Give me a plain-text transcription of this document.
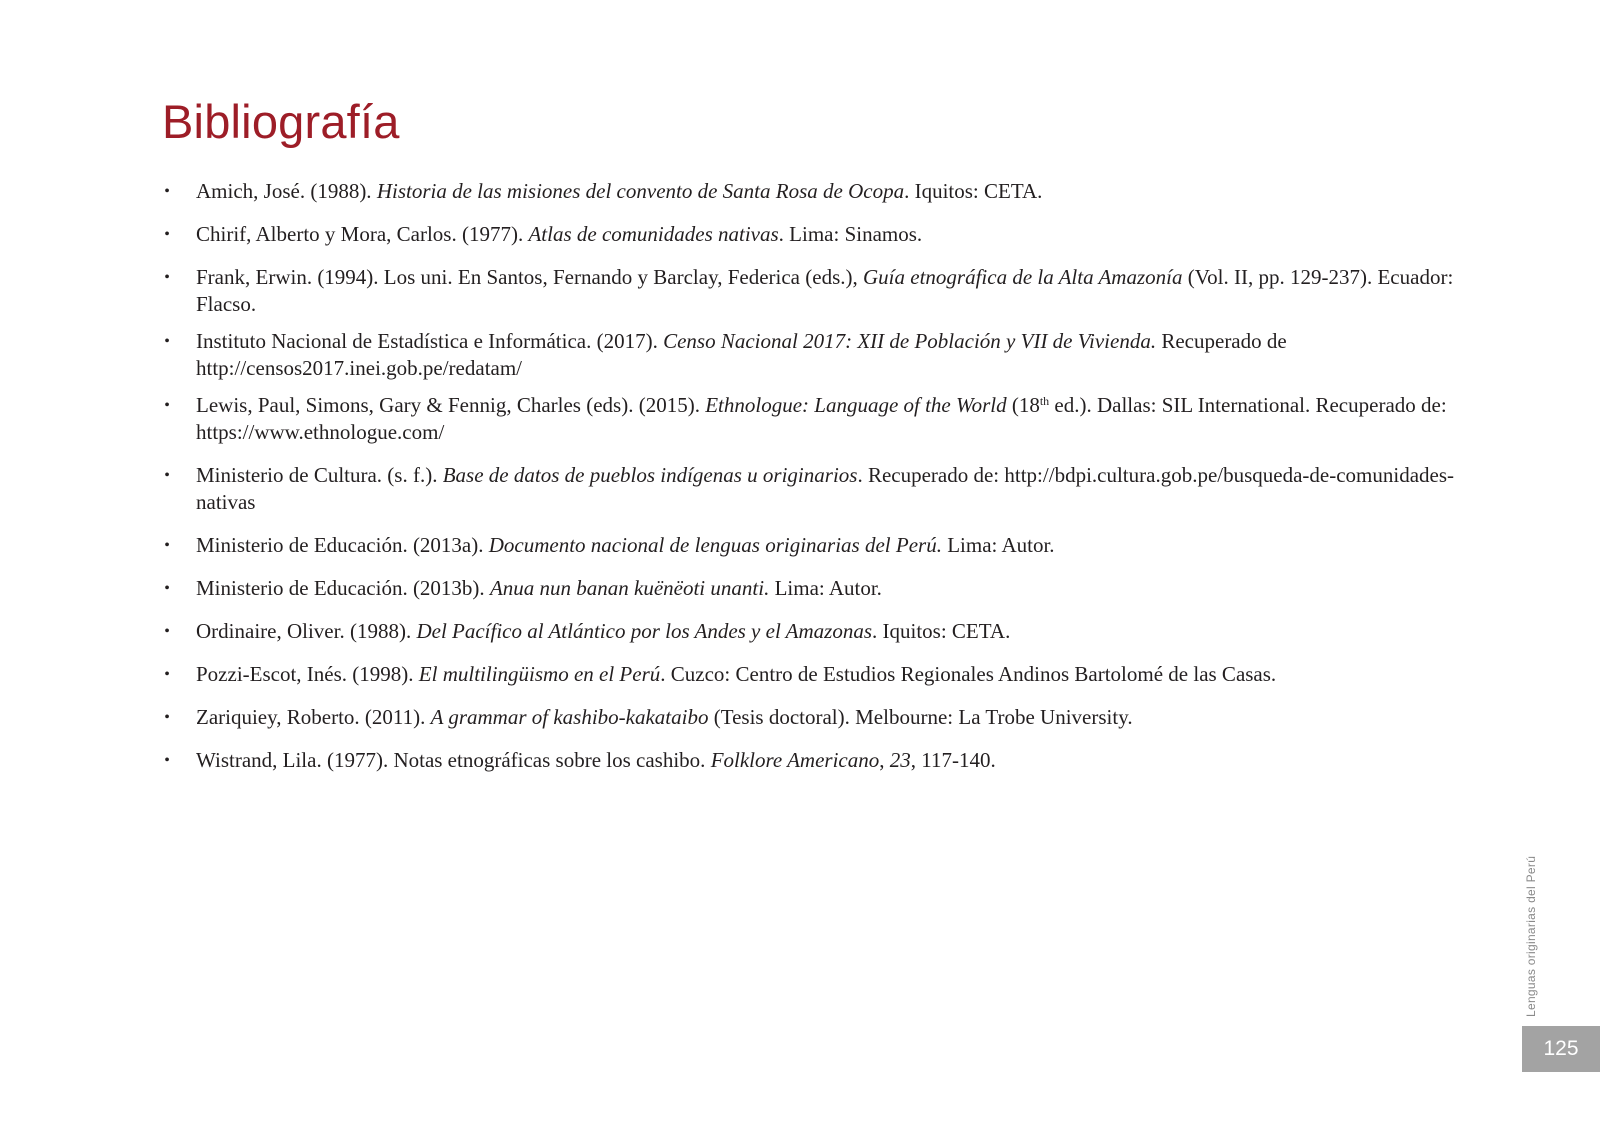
Bibliografía
•
Amich, José. (1988). Historia de las misiones del convento de Santa Rosa de Ocopa. Iquitos: CETA.
•
Chirif, Alberto y Mora, Carlos. (1977). Atlas de comunidades nativas. Lima: Sinamos.
•
Frank, Erwin. (1994). Los uni. En Santos, Fernando y Barclay, Federica (eds.), Guía etnográfica de la Alta Amazonía (Vol. II, pp. 129-237). Ecuador: Flacso.
•
Instituto Nacional de Estadística e Informática. (2017). Censo Nacional 2017: XII de Población y VII de Vivienda. Recuperado de http://censos2017.inei.gob.pe/redatam/
•
Lewis, Paul, Simons, Gary & Fennig, Charles (eds). (2015). Ethnologue: Language of the World (18th ed.). Dallas: SIL International. Recuperado de: https://www.ethnologue.com/
•
Ministerio de Cultura. (s. f.). Base de datos de pueblos indígenas u originarios. Recuperado de: http://bdpi.cultura.gob.pe/busqueda-de-comunidades-nativas
•
Ministerio de Educación. (2013a). Documento nacional de lenguas originarias del Perú. Lima: Autor.
•
Ministerio de Educación. (2013b). Anua nun banan kuënëoti unanti. Lima: Autor.
•
Ordinaire, Oliver. (1988). Del Pacífico al Atlántico por los Andes y el Amazonas. Iquitos: CETA.
•
Pozzi-Escot, Inés. (1998). El multilingüismo en el Perú. Cuzco: Centro de Estudios Regionales Andinos Bartolomé de las Casas.
•
Zariquiey, Roberto. (2011). A grammar of kashibo-kakataibo (Tesis doctoral). Melbourne: La Trobe University.
•
Wistrand, Lila. (1977). Notas etnográficas sobre los cashibo. Folklore Americano, 23, 117-140.
Lenguas originarias del Perú
125
